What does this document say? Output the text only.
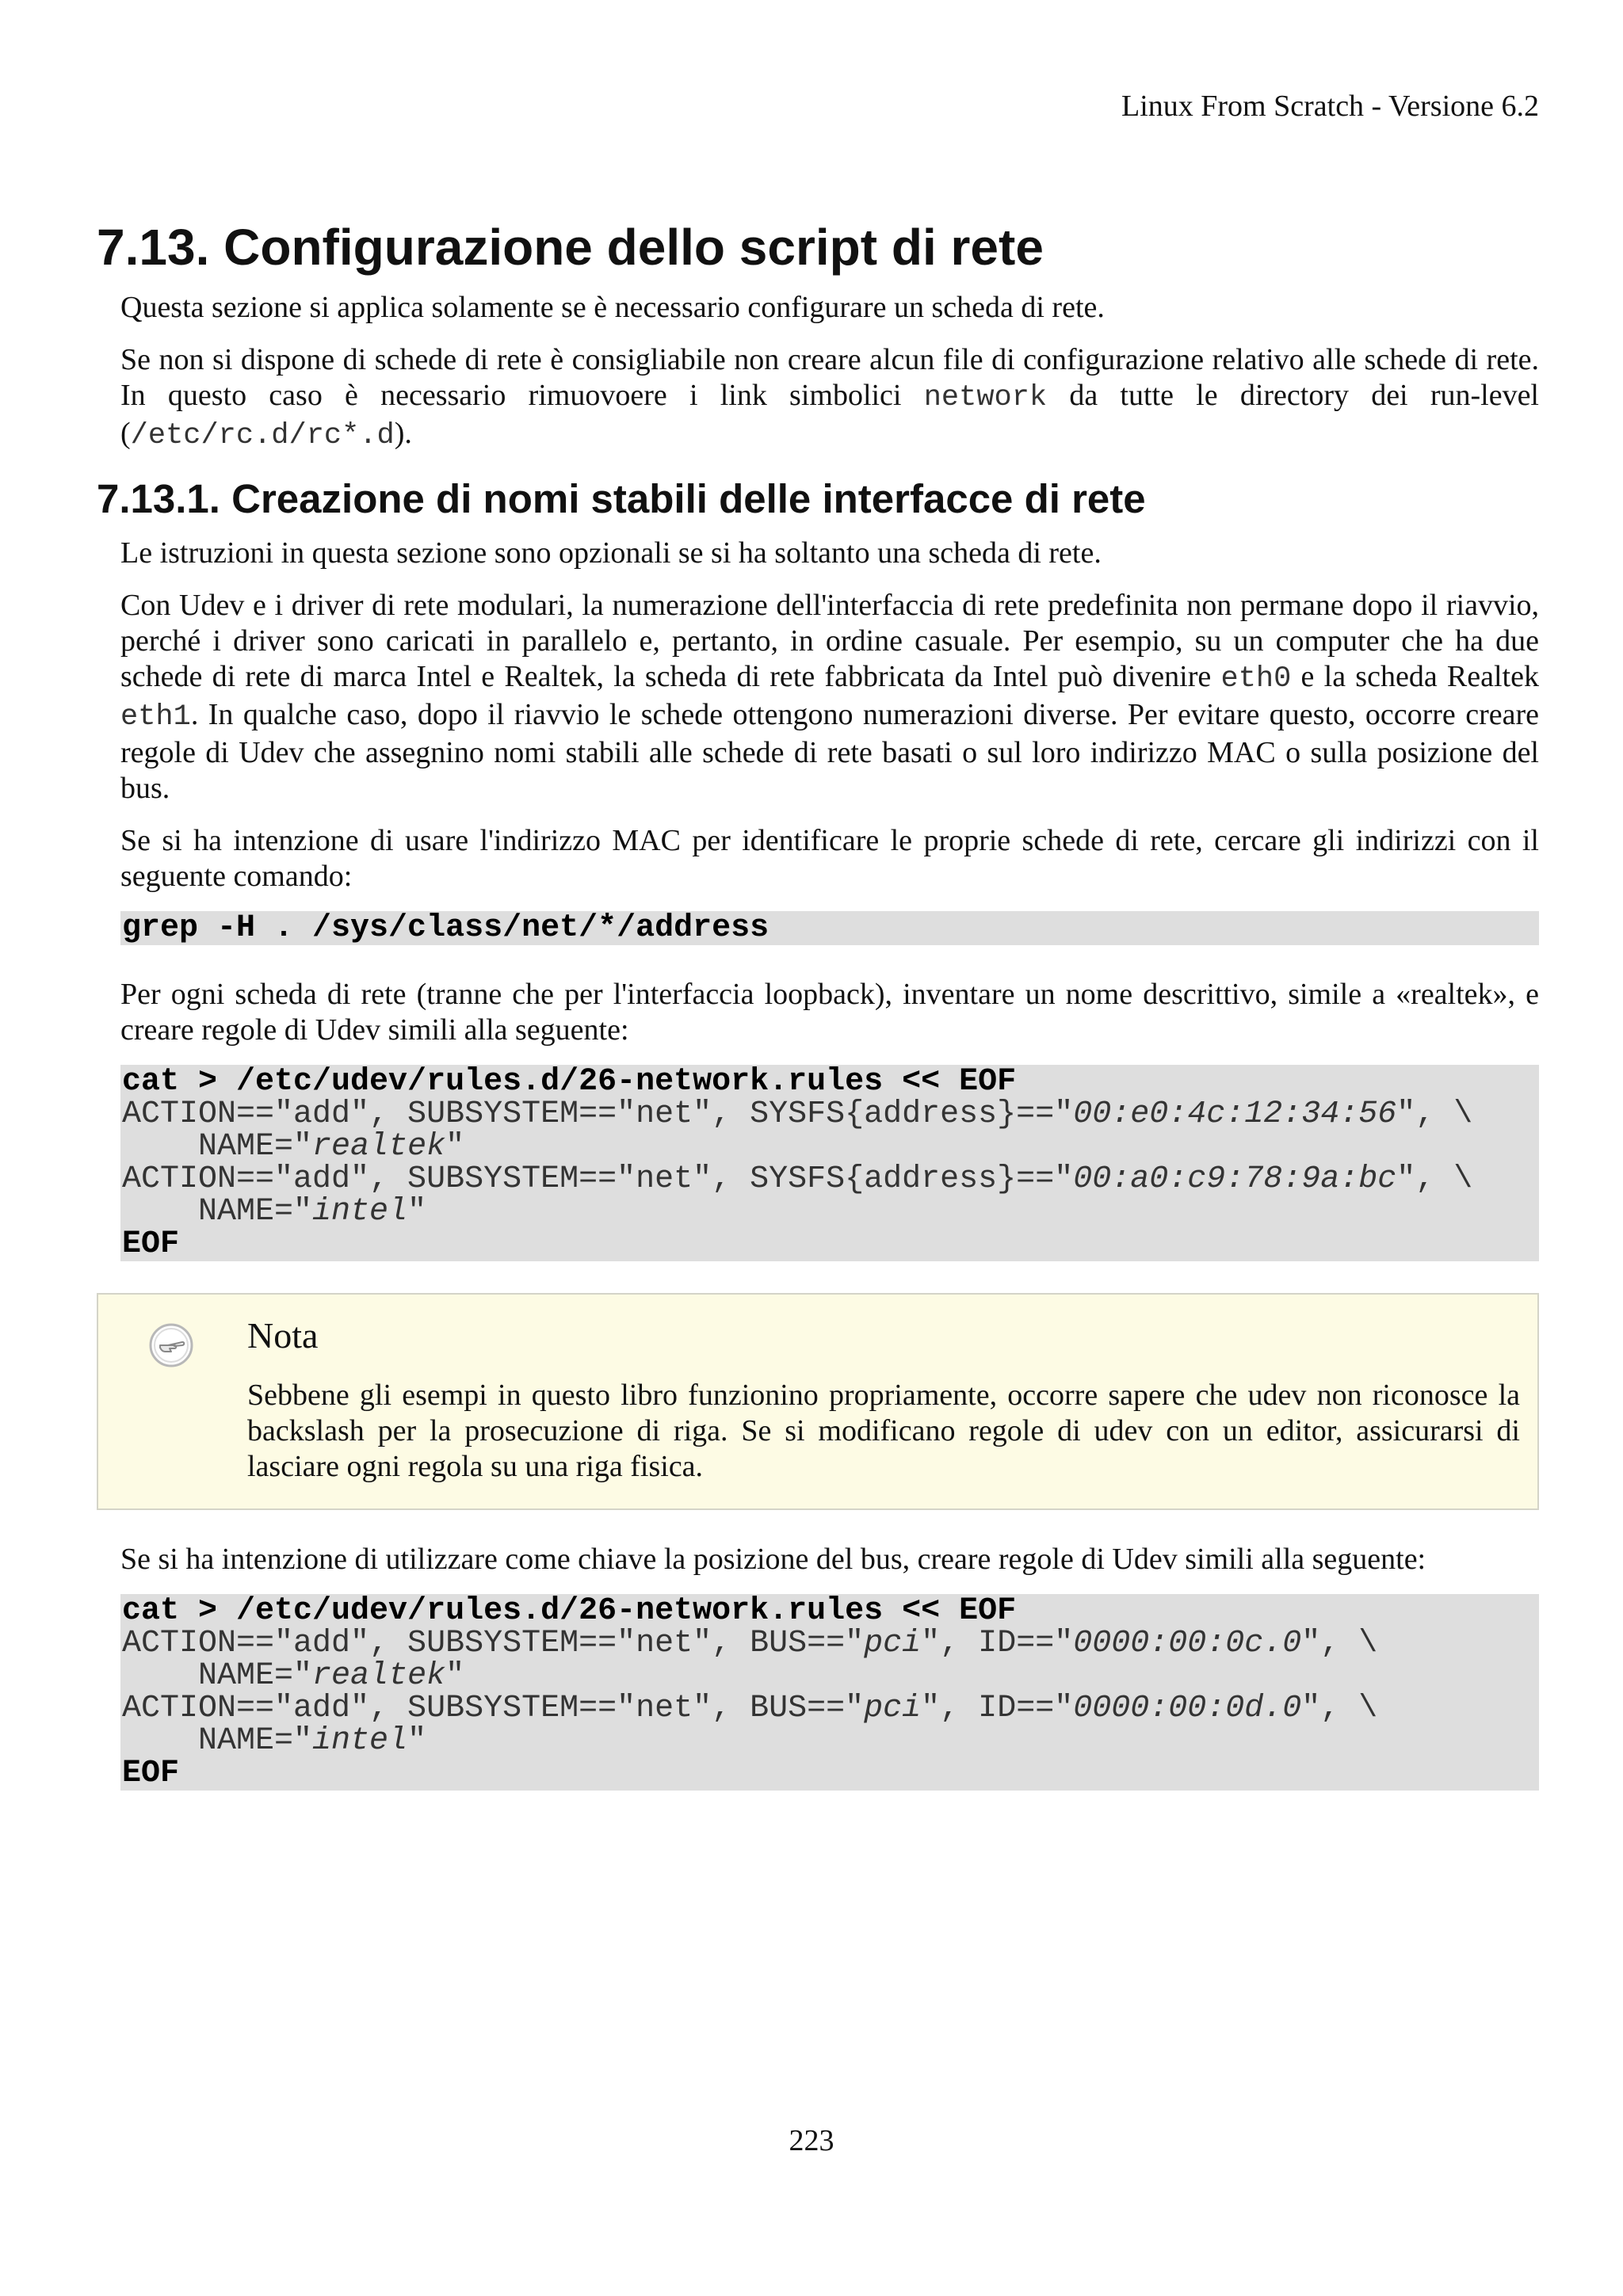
Linux From Scratch - Versione 6.2
7.13. Configurazione dello script di rete

Questa sezione si applica solamente se è necessario configurare un scheda di rete.

Se non si dispone di schede di rete è consigliabile non creare alcun file di configurazione relativo alle schede di rete. In questo caso è necessario rimuovoere i link simbolici network da tutte le directory dei run-level (/etc/rc.d/rc*.d).

7.13.1. Creazione di nomi stabili delle interfacce di rete

Le istruzioni in questa sezione sono opzionali se si ha soltanto una scheda di rete.

Con Udev e i driver di rete modulari, la numerazione dell'interfaccia di rete predefinita non permane dopo il riavvio, perché i driver sono caricati in parallelo e, pertanto, in ordine casuale. Per esempio, su un computer che ha due schede di rete di marca Intel e Realtek, la scheda di rete fabbricata da Intel può divenire eth0 e la scheda Realtek eth1. In qualche caso, dopo il riavvio le schede ottengono numerazioni diverse. Per evitare questo, occorre creare regole di Udev che assegnino nomi stabili alle schede di rete basati o sul loro indirizzo MAC o sulla posizione del bus.

Se si ha intenzione di usare l'indirizzo MAC per identificare le proprie schede di rete, cercare gli indirizzi con il seguente comando:

grep -H . /sys/class/net/*/address

Per ogni scheda di rete (tranne che per l'interfaccia loopback), inventare un nome descrittivo, simile a «realtek», e creare regole di Udev simili alla seguente:

cat > /etc/udev/rules.d/26-network.rules << EOF
ACTION=="add", SUBSYSTEM=="net", SYSFS{address}=="00:e0:4c:12:34:56", \
NAME="realtek"
ACTION=="add", SUBSYSTEM=="net", SYSFS{address}=="00:a0:c9:78:9a:bc", \
NAME="intel"
EOF
Nota

Sebbene gli esempi in questo libro funzionino propriamente, occorre sapere che udev non riconosce la backslash per la prosecuzione di riga. Se si modificano regole di udev con un editor, assicurarsi di lasciare ogni regola su una riga fisica.

Se si ha intenzione di utilizzare come chiave la posizione del bus, creare regole di Udev simili alla seguente:

cat > /etc/udev/rules.d/26-network.rules << EOF
ACTION=="add", SUBSYSTEM=="net", BUS=="pci", ID=="0000:00:0c.0", \
NAME="realtek"
ACTION=="add", SUBSYSTEM=="net", BUS=="pci", ID=="0000:00:0d.0", \
NAME="intel"
EOF
223
